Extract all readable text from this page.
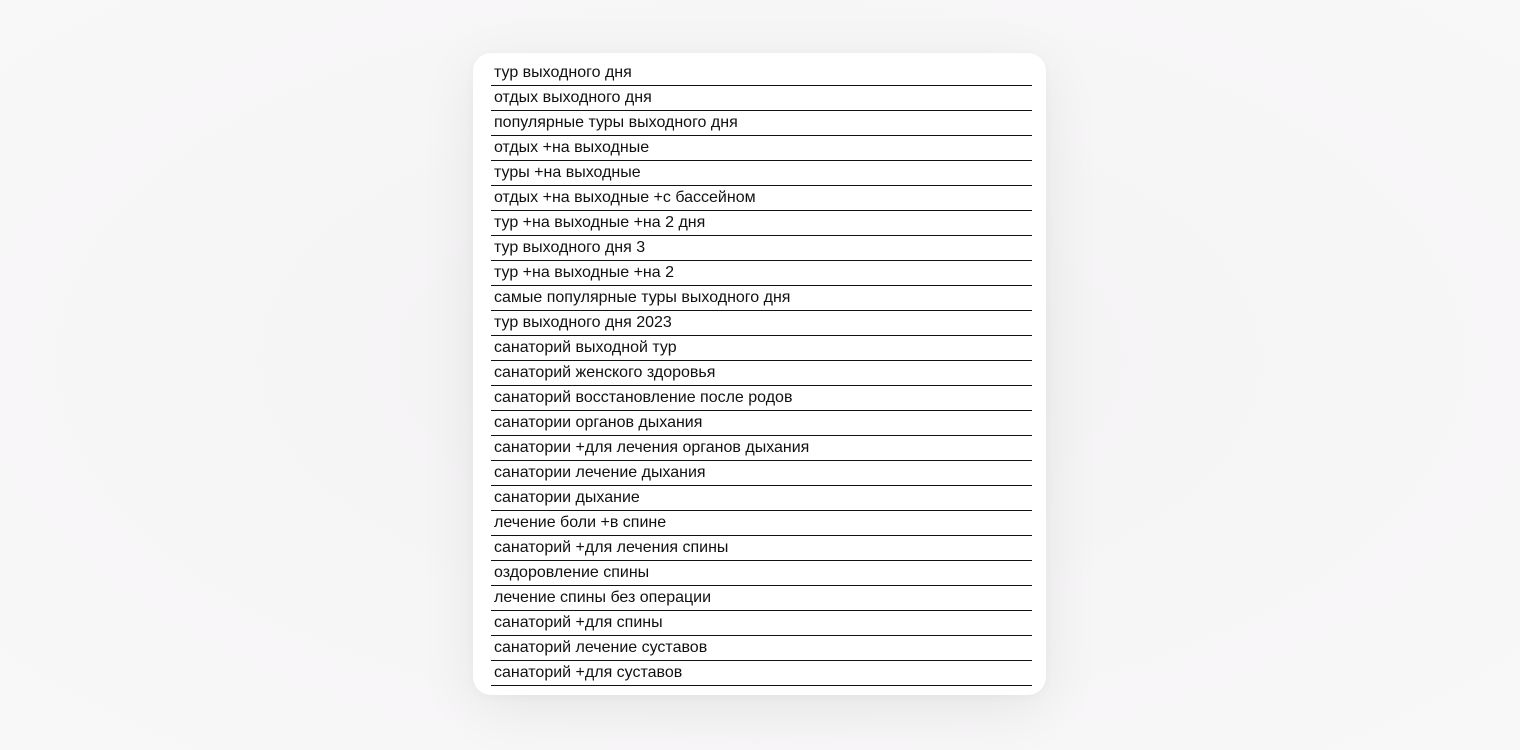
тур выходного дня
отдых выходного дня
популярные туры выходного дня
отдых +на выходные
туры +на выходные
отдых +на выходные +с бассейном
тур +на выходные +на 2 дня
тур выходного дня 3
тур +на выходные +на 2
самые популярные туры выходного дня
тур выходного дня 2023
санаторий выходной тур
санаторий женского здоровья
санаторий восстановление после родов
санатории органов дыхания
санатории +для лечения органов дыхания
санатории лечение дыхания
санатории дыхание
лечение боли +в спине
санаторий +для лечения спины
оздоровление спины
лечение спины без операции
санаторий +для спины
санаторий лечение суставов
санаторий +для суставов
